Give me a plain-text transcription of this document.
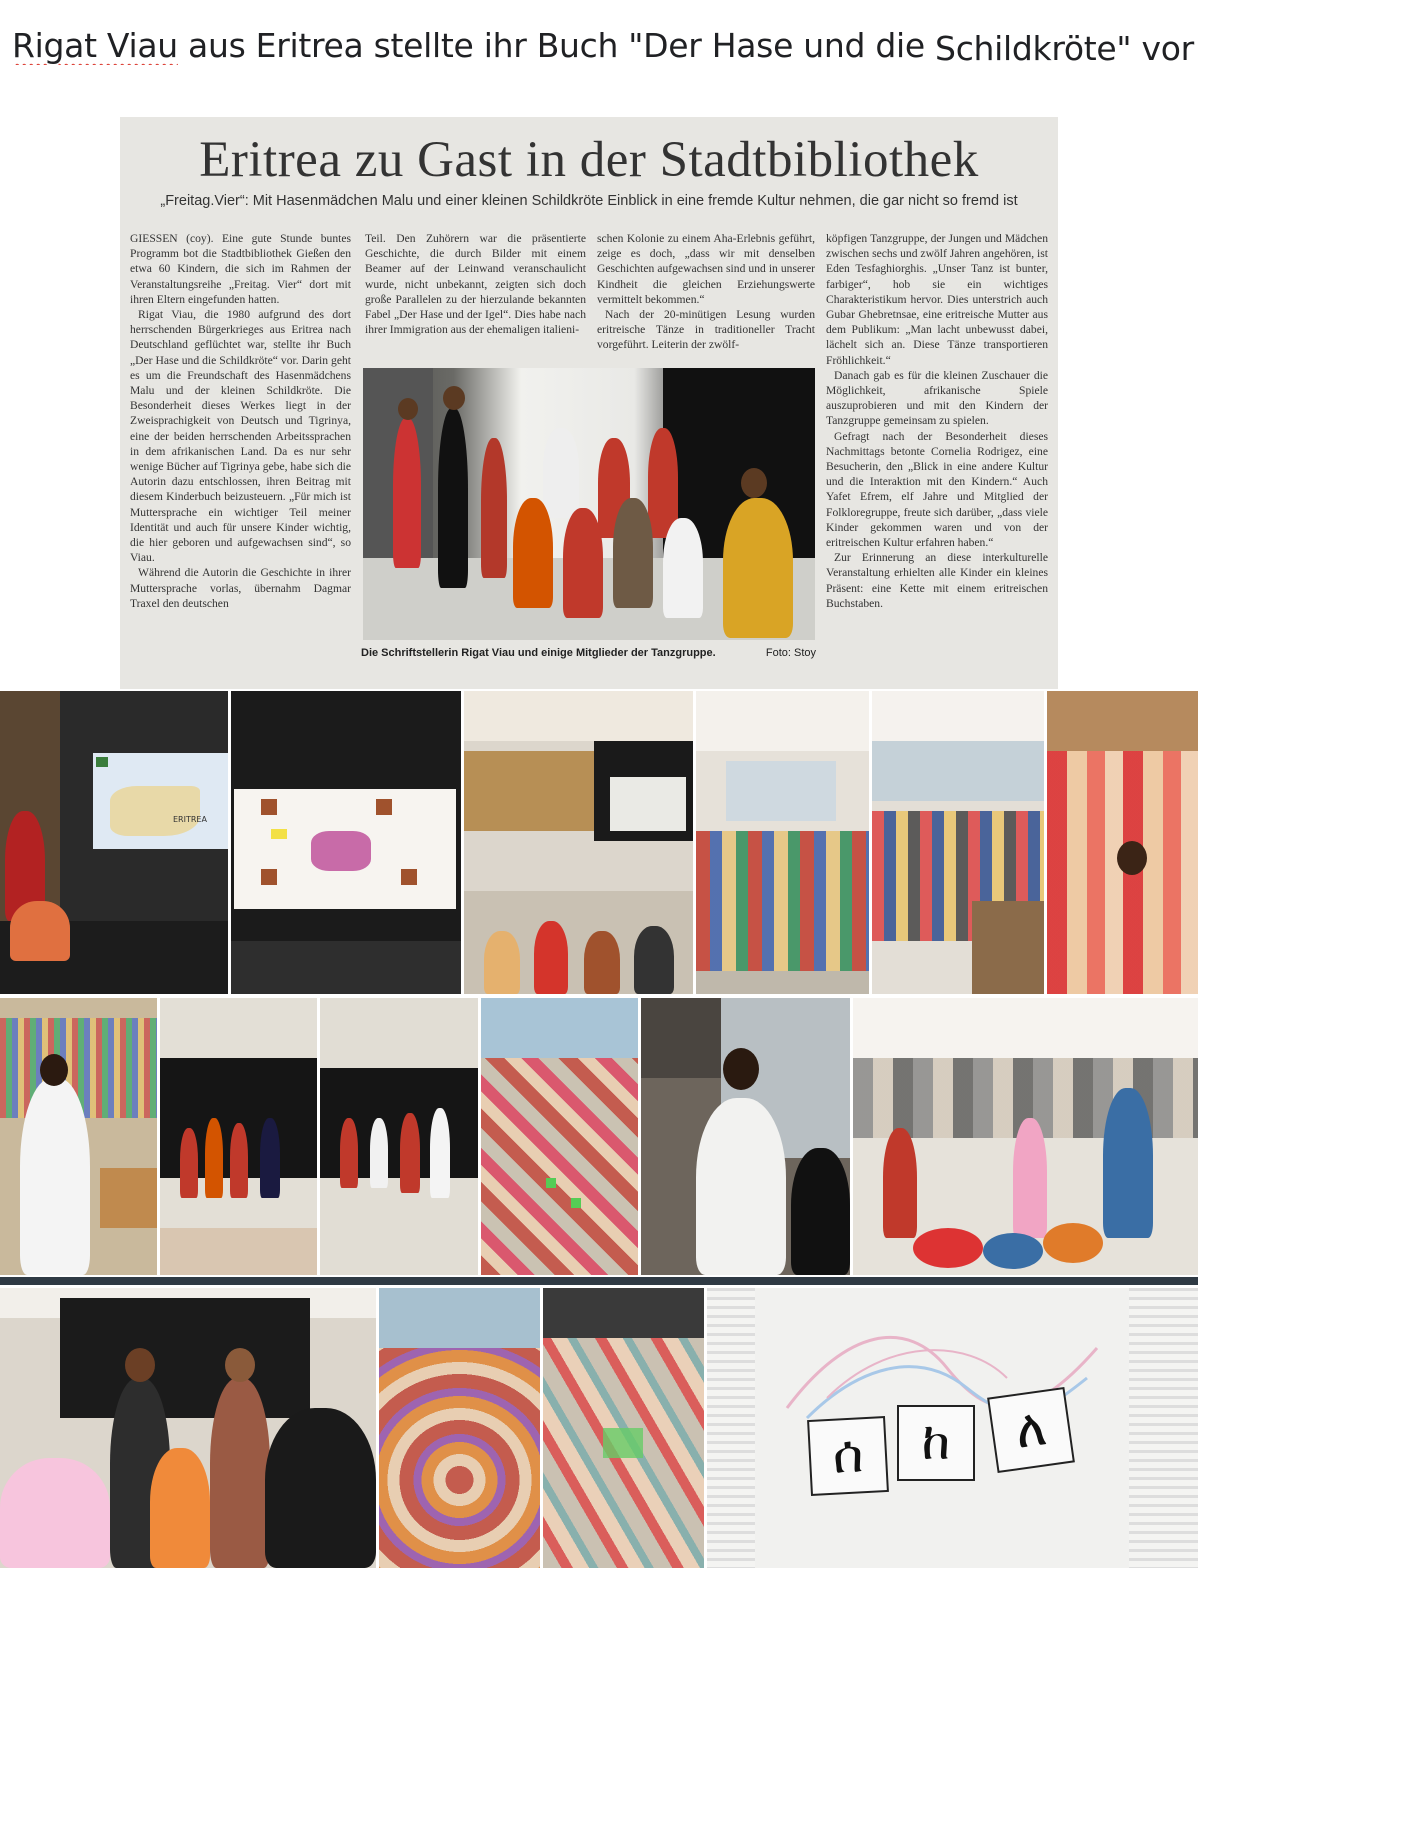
Rigat Viau aus Eritrea stellte ihr Buch "Der Hase und die Schildkröte" vor
Eritrea zu Gast in der Stadtbibliothek
„Freitag.Vier“: Mit Hasenmädchen Malu und einer kleinen Schildkröte Einblick in eine fremde Kultur nehmen, die gar nicht so fremd ist

GIESSEN (coy). Eine gute Stunde buntes Programm bot die Stadtbibliothek Gießen den etwa 60 Kindern, die sich im Rahmen der Veranstaltungsreihe „Freitag. Vier“ dort mit ihren Eltern eingefunden hatten.

Rigat Viau, die 1980 aufgrund des dort herrschenden Bürgerkrieges aus Eritrea nach Deutschland geflüchtet war, stellte ihr Buch „Der Hase und die Schildkröte“ vor. Darin geht es um die Freundschaft des Hasenmädchens Malu und der kleinen Schildkröte. Die Besonderheit dieses Werkes liegt in der Zweisprachigkeit von Deutsch und Tigrinya, eine der beiden herrschenden Arbeitssprachen in dem afrikanischen Land. Da es nur sehr wenige Bücher auf Tigrinya gebe, habe sich die Autorin dazu entschlossen, ihren Beitrag mit diesem Kinderbuch beizusteuern. „Für mich ist Muttersprache ein wichtiger Teil meiner Identität und auch für unsere Kinder wichtig, die hier geboren und aufgewachsen sind“, so Viau.

Während die Autorin die Geschichte in ihrer Muttersprache vorlas, übernahm Dagmar Traxel den deutschen

Teil. Den Zuhörern war die präsentierte Geschichte, die durch Bilder mit einem Beamer auf der Leinwand veranschaulicht wurde, nicht unbekannt, zeigten sich doch große Parallelen zu der hierzulande bekannten Fabel „Der Hase und der Igel“. Dies habe nach ihrer Immigration aus der ehemaligen italieni-

schen Kolonie zu einem Aha-Erlebnis geführt, zeige es doch, „dass wir mit denselben Geschichten aufgewachsen sind und in unserer Kindheit die gleichen Erziehungswerte vermittelt bekommen.“

Nach der 20-minütigen Lesung wurden eritreische Tänze in traditioneller Tracht vorgeführt. Leiterin der zwölf-

köpfigen Tanzgruppe, der Jungen und Mädchen zwischen sechs und zwölf Jahren angehören, ist Eden Tesfaghiorghis. „Unser Tanz ist bunter, farbiger“, hob sie ein wichtiges Charakteristikum hervor. Dies unterstrich auch Gubar Ghebretnsae, eine eritreische Mutter aus dem Publikum: „Man lacht unbewusst dabei, lächelt sich an. Diese Tänze transportieren Fröhlichkeit.“

Danach gab es für die kleinen Zuschauer die Möglichkeit, afrikanische Spiele auszuprobieren und mit den Kindern der Tanzgruppe gemeinsam zu spielen.

Gefragt nach der Besonderheit dieses Nachmittags betonte Cornelia Rodrigez, eine Besucherin, den „Blick in eine andere Kultur und die Interaktion mit den Kindern.“ Auch Yafet Efrem, elf Jahre und Mitglied der Folkloregruppe, freute sich darüber, „dass viele Kinder gekommen waren und von der eritreischen Kultur erfahren haben.“

Zur Erinnerung an diese interkulturelle Veranstaltung erhielten alle Kinder ein kleines Präsent: eine Kette mit einem eritreischen Buchstaben.

Die Schriftstellerin Rigat Viau und einige Mitglieder der Tanzgruppe.	Foto: Stoy
ERITREA
ሰ	ከ	ለ
